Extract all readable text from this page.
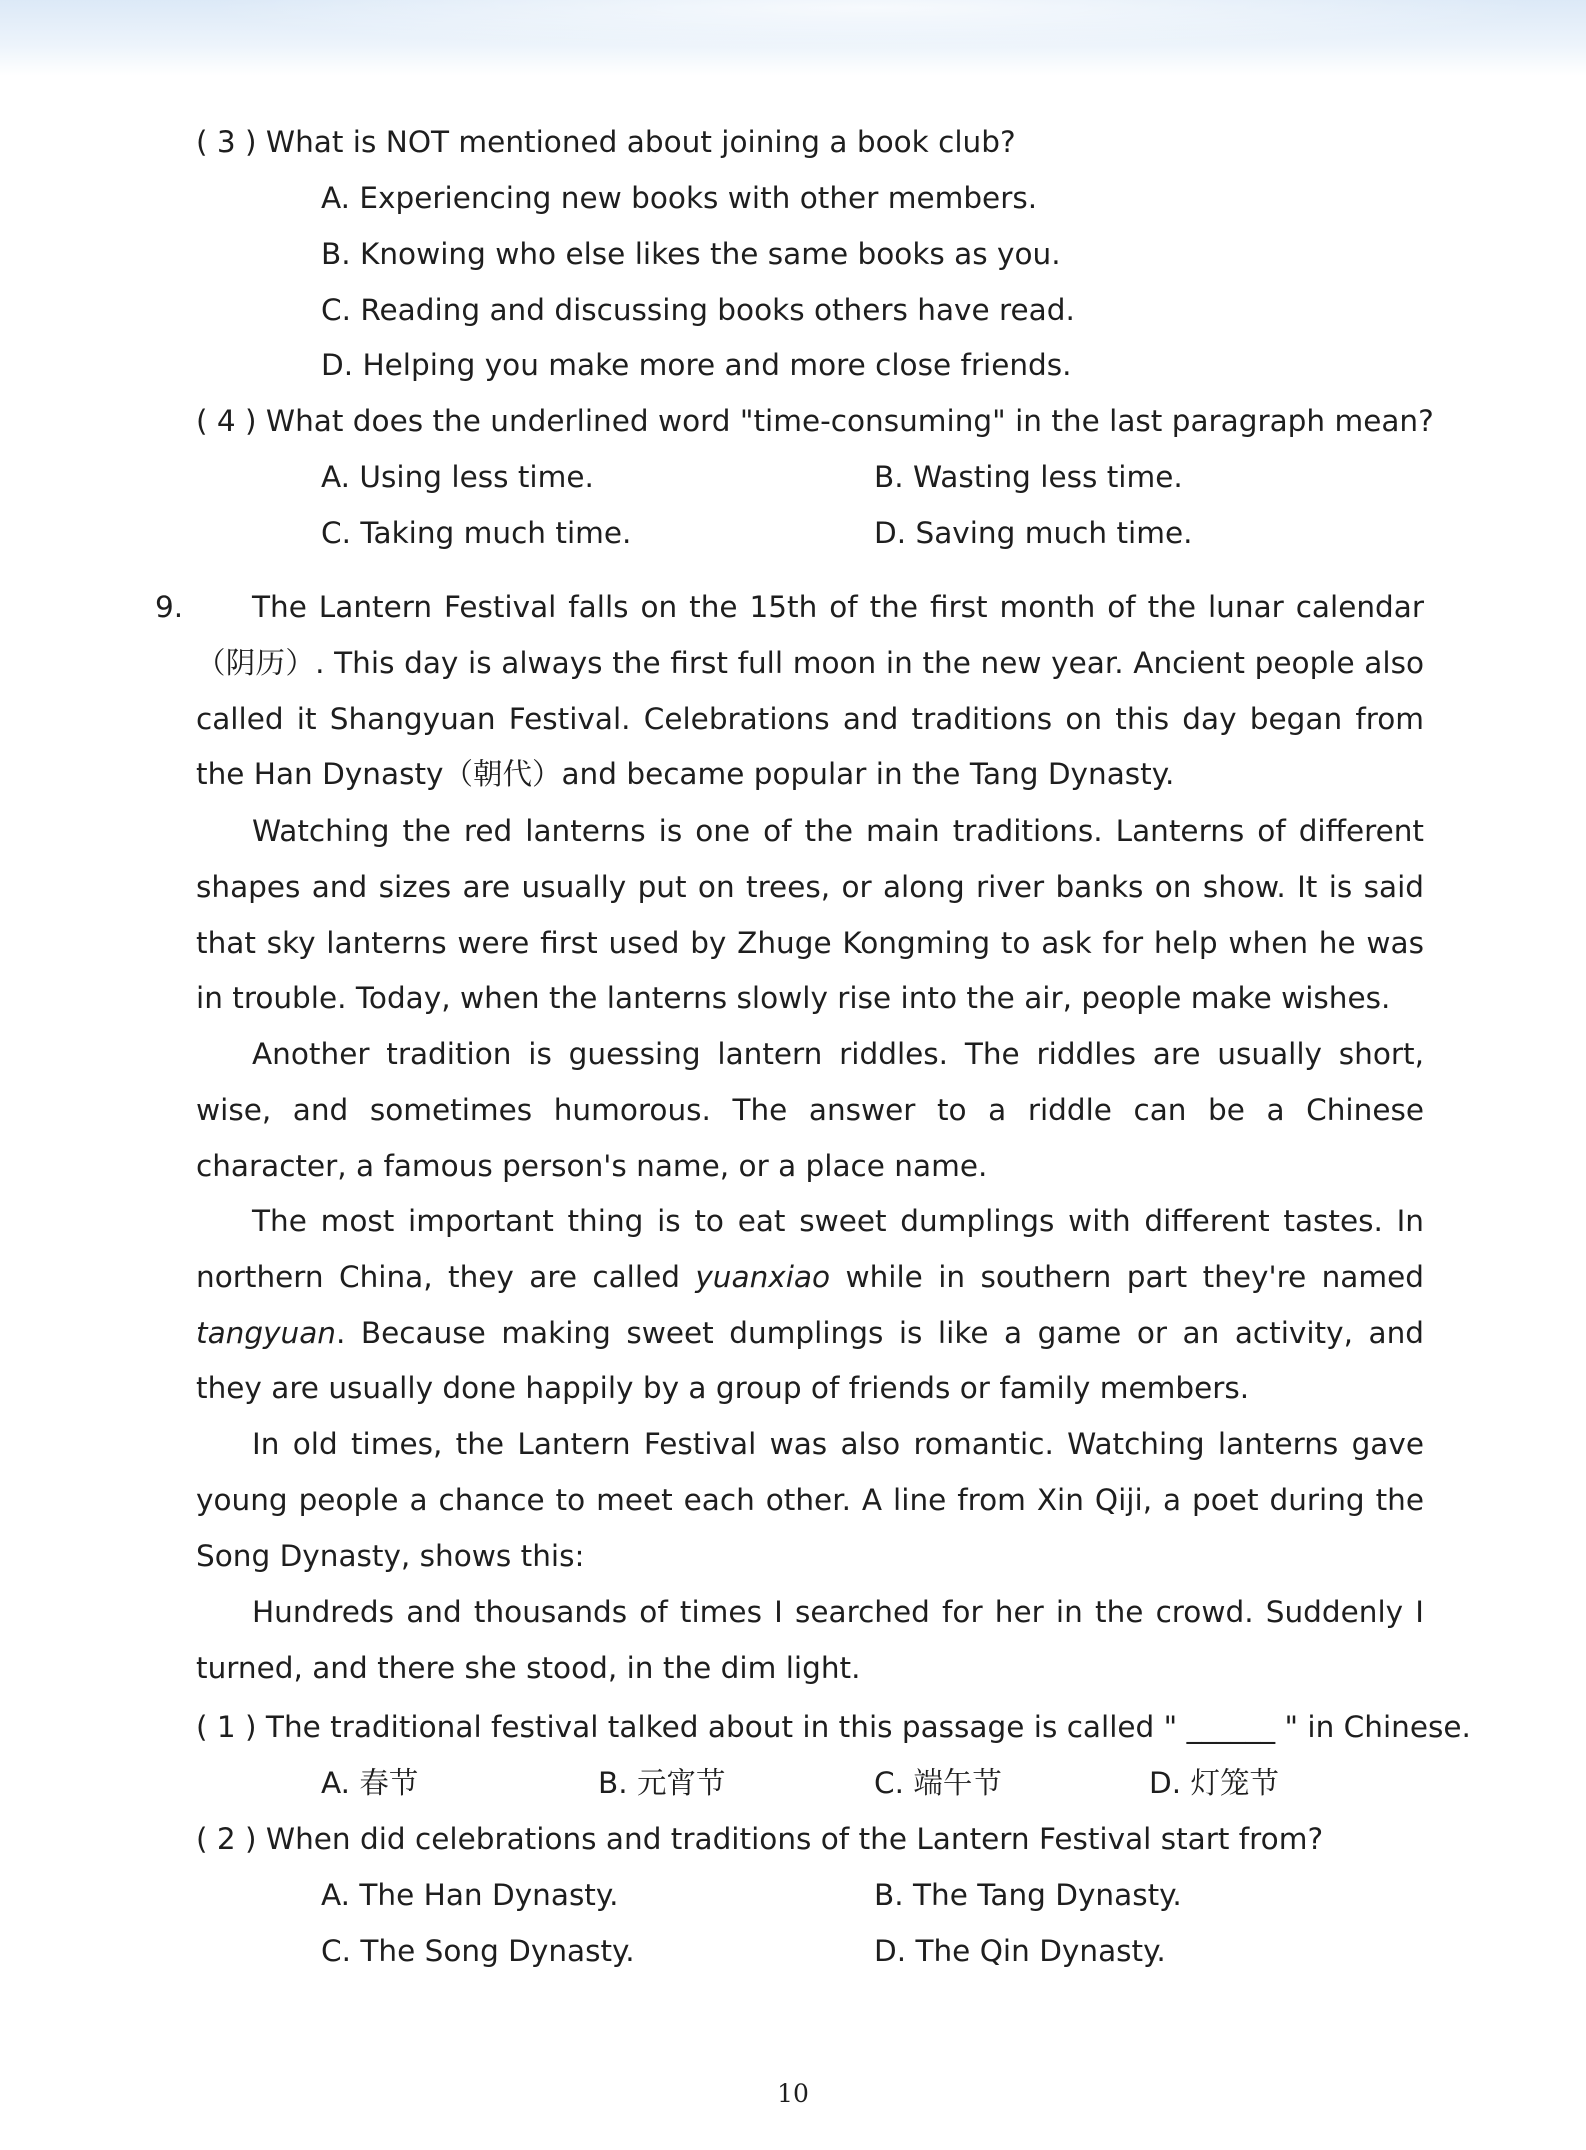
( 3 ) What is NOT mentioned about joining a book club?
A. Experiencing new books with other members.
B. Knowing who else likes the same books as you.
C. Reading and discussing books others have read.
D. Helping you make more and more close friends.
( 4 ) What does the underlined word "time-consuming" in the last paragraph mean?
A. Using less time.	B. Wasting less time.
C. Taking much time.	D. Saving much time.
9.	The Lantern Festival falls on the 15th of the first month of the lunar calendar（阴历）. This day is always the first full moon in the new year. Ancient people also called it Shangyuan Festival. Celebrations and traditions on this day began from the Han Dynasty（朝代）and became popular in the Tang Dynasty.
Watching the red lanterns is one of the main traditions. Lanterns of different shapes and sizes are usually put on trees, or along river banks on show. It is said that sky lanterns were first used by Zhuge Kongming to ask for help when he was in trouble. Today, when the lanterns slowly rise into the air, people make wishes.
Another tradition is guessing lantern riddles. The riddles are usually short, wise, and sometimes humorous. The answer to a riddle can be a Chinese character, a famous person's name, or a place name.
The most important thing is to eat sweet dumplings with different tastes. In northern China, they are called yuanxiao while in southern part they're named tangyuan. Because making sweet dumplings is like a game or an activity, and they are usually done happily by a group of friends or family members.
In old times, the Lantern Festival was also romantic. Watching lanterns gave young people a chance to meet each other. A line from Xin Qiji, a poet during the Song Dynasty, shows this:
Hundreds and thousands of times I searched for her in the crowd. Suddenly I turned, and there she stood, in the dim light.
( 1 ) The traditional festival talked about in this passage is called " ______ " in Chinese.
A. 春节	B. 元宵节	C. 端午节	D. 灯笼节
( 2 ) When did celebrations and traditions of the Lantern Festival start from?
A. The Han Dynasty.	B. The Tang Dynasty.
C. The Song Dynasty.	D. The Qin Dynasty.
10
